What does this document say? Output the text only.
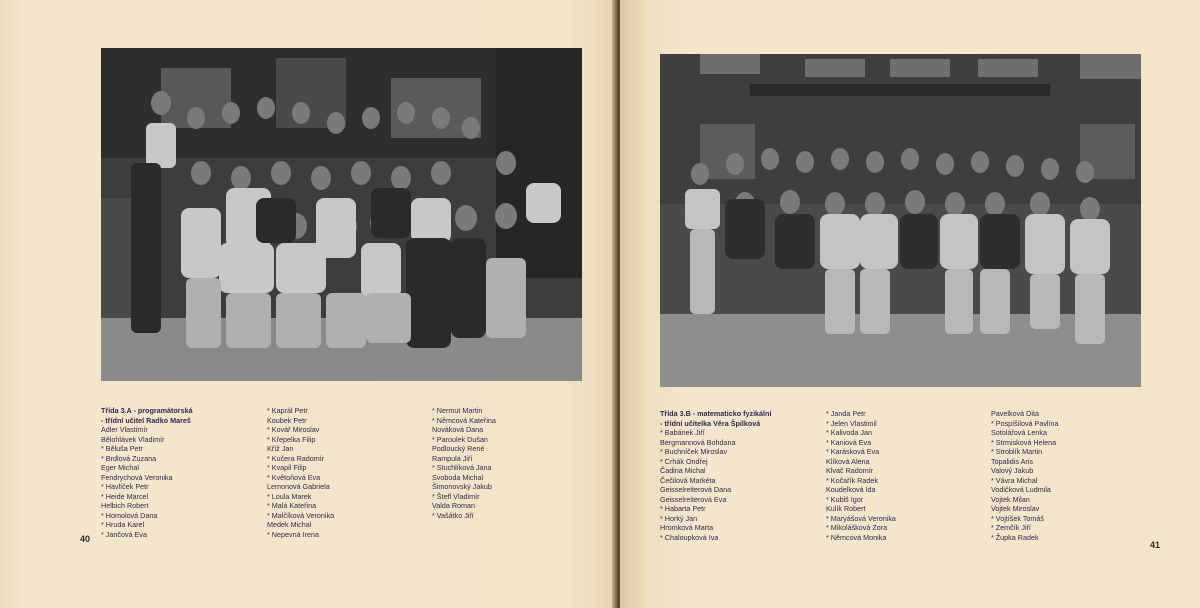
Třída 3.A - programátorská
- třídní učitel Radko Mareš
Adler Vlastimír
Bělohlávek Vladimír
* Běluša Petr
* Brdlová Zuzana
Eger Michal
Fendrychová Veronika
* Havlíček Petr
* Heide Marcel
Helbich Robert
* Homolová Dana
* Hruda Karel
* Jančová Eva
* Kaprál Petr
Koubek Petr
* Kovář Miroslav
* Křepelka Filip
Kříž Jan
* Kučera Radomír
* Kvapil Filip
* Květoňová Eva
Lemonová Gabriela
* Loula Marek
* Malá Kateřina
* Malčíková Veronika
Medek Michal
* Nepevná Irena
* Nermut Martin
* Němcová Kateřina
Nováková Dana
* Paroulek Dušan
Podloucký René
Rampula Jiří
* Stuchlíková Jana
Svoboda Michal
Šimonovský Jakub
* Štefl Vladimír
Valda Roman
* Vašátko Jiří
40
Třída 3.B - matematicko fyzikální
- třídní učitelka Věra Špilková
* Babánek Jiří
Bergmannová Bohdana
* Buchníček Miroslav
* Crhák Ondřej
Čadina Michal
Čečilová Markéta
Geisselreiterová Dana
Geisselreiterová Eva
* Habarta Petr
* Horký Jan
Hromková Marta
* Chaloupková Iva
* Janda Petr
* Jelen Vlastimil
* Kalivoda Jan
* Kaniová Eva
* Karásková Eva
Klíková Alena
Klvač Radomír
* Kočařík Radek
Koudelková Ida
* Kubiš Igor
Kulík Robert
* Maryášová Veronika
* Mikolášková Zora
* Němcová Monika
Pavelková Dita
* Pospíšilová Pavlína
Sotolářová Lenka
* Strmisková Helena
* Stroblík Martin
Topalidis Aris
Valový Jakub
* Vávra Michal
Vodičková Ludmila
Vojtek Milan
Vojtek Miroslav
* Vojtíšek Tomáš
* Zemčík Jiří
* Župka Radek
41
